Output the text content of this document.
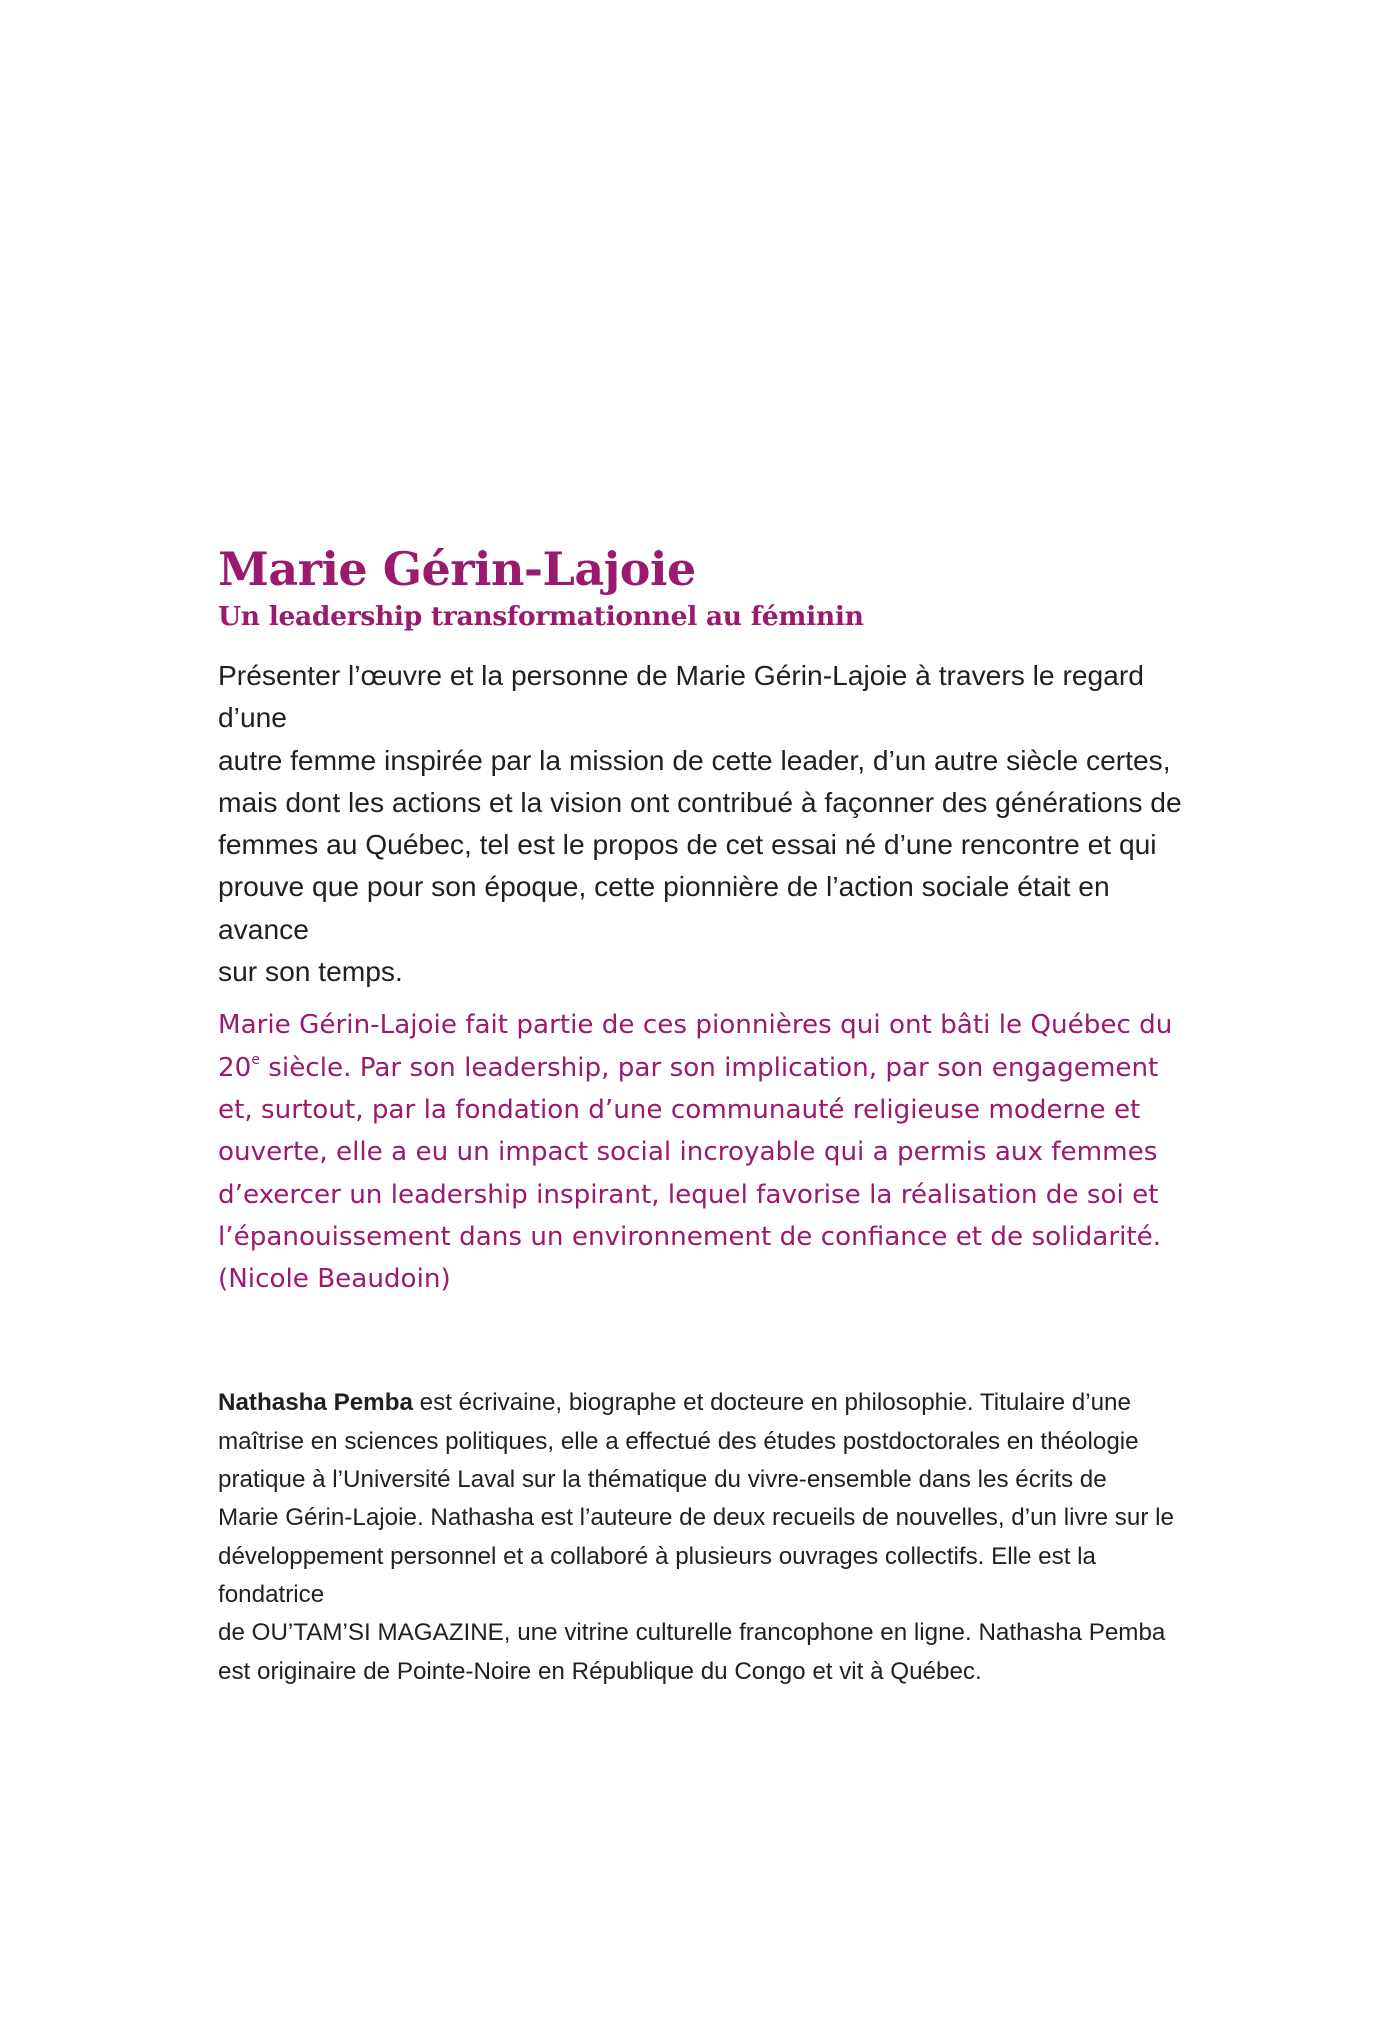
Marie Gérin-Lajoie
Un leadership transformationnel au féminin

Présenter l’œuvre et la personne de Marie Gérin-Lajoie à travers le regard d’une
autre femme inspirée par la mission de cette leader, d’un autre siècle certes,
mais dont les actions et la vision ont contribué à façonner des générations de
femmes au Québec, tel est le propos de cet essai né d’une rencontre et qui
prouve que pour son époque, cette pionnière de l’action sociale était en avance
sur son temps.

Marie Gérin-Lajoie fait partie de ces pionnières qui ont bâti le Québec du
20e siècle. Par son leadership, par son implication, par son engagement
et, surtout, par la fondation d’une communauté religieuse moderne et
ouverte, elle a eu un impact social incroyable qui a permis aux femmes
d’exercer un leadership inspirant, lequel favorise la réalisation de soi et
l’épanouissement dans un environnement de confiance et de solidarité.
(Nicole Beaudoin)

Nathasha Pemba est écrivaine, biographe et docteure en philosophie. Titulaire d’une
maîtrise en sciences politiques, elle a effectué des études postdoctorales en théologie
pratique à l’Université Laval sur la thématique du vivre-ensemble dans les écrits de
Marie Gérin-Lajoie. Nathasha est l’auteure de deux recueils de nouvelles, d’un livre sur le
développement personnel et a collaboré à plusieurs ouvrages collectifs. Elle est la fondatrice
de OU’TAM’SI MAGAZINE, une vitrine culturelle francophone en ligne. Nathasha Pemba
est originaire de Pointe-Noire en République du Congo et vit à Québec.
